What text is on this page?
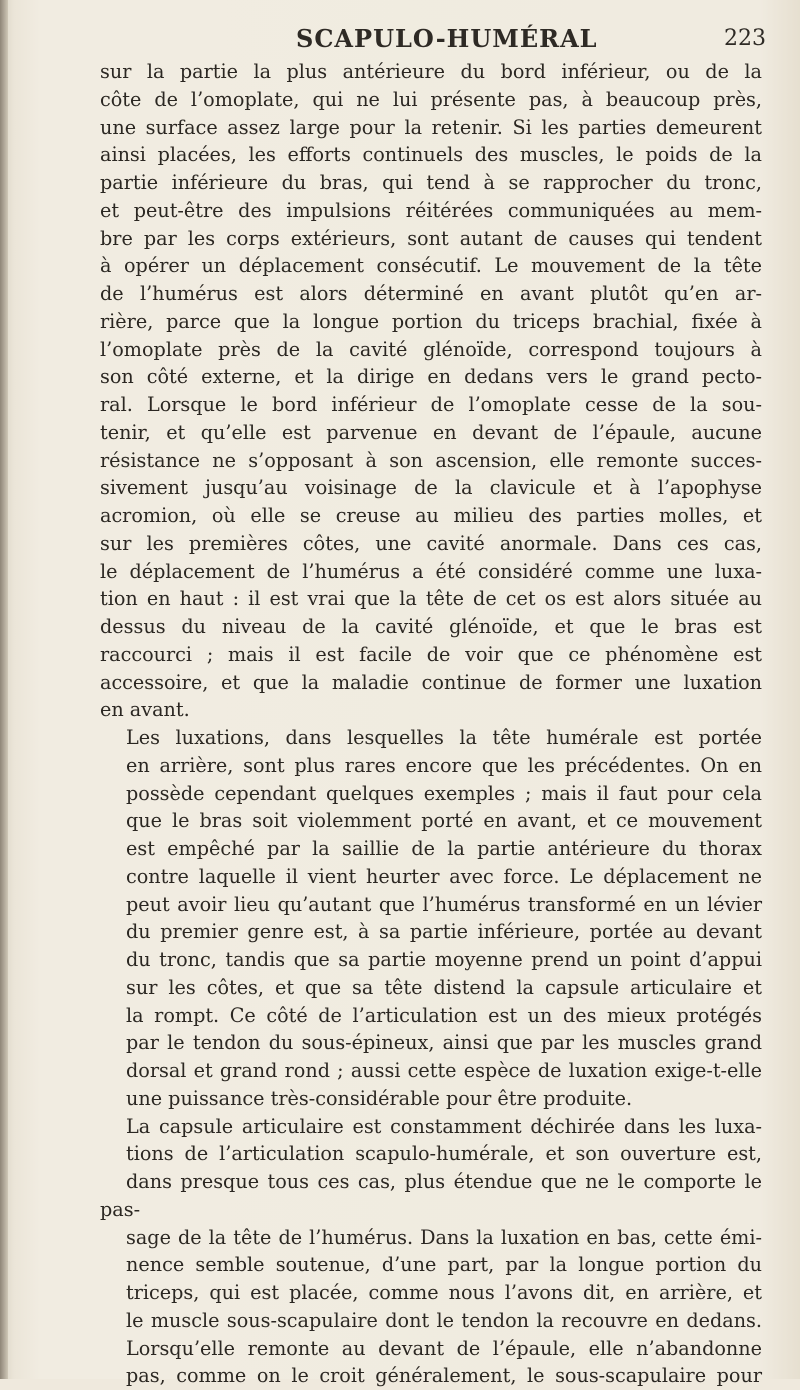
SCAPULO-HUMÉRAL	223
sur la partie la plus antérieure du bord inférieur, ou de la
côte de l’omoplate, qui ne lui présente pas, à beaucoup près,
une surface assez large pour la retenir. Si les parties demeurent
ainsi placées, les efforts continuels des muscles, le poids de la
partie inférieure du bras, qui tend à se rapprocher du tronc,
et peut-être des impulsions réitérées communiquées au mem-
bre par les corps extérieurs, sont autant de causes qui tendent
à opérer un déplacement consécutif. Le mouvement de la tête
de l’humérus est alors déterminé en avant plutôt qu’en ar-
rière, parce que la longue portion du triceps brachial, fixée à
l’omoplate près de la cavité glénoïde, correspond toujours à
son côté externe, et la dirige en dedans vers le grand pecto-
ral. Lorsque le bord inférieur de l’omoplate cesse de la sou-
tenir, et qu’elle est parvenue en devant de l’épaule, aucune
résistance ne s’opposant à son ascension, elle remonte succes-
sivement jusqu’au voisinage de la clavicule et à l’apophyse
acromion, où elle se creuse au milieu des parties molles, et
sur les premières côtes, une cavité anormale. Dans ces cas,
le déplacement de l’humérus a été considéré comme une luxa-
tion en haut : il est vrai que la tête de cet os est alors située au
dessus du niveau de la cavité glénoïde, et que le bras est
raccourci ; mais il est facile de voir que ce phénomène est
accessoire, et que la maladie continue de former une luxation
en avant.
Les luxations, dans lesquelles la tête humérale est portée
en arrière, sont plus rares encore que les précédentes. On en
possède cependant quelques exemples ; mais il faut pour cela
que le bras soit violemment porté en avant, et ce mouvement
est empêché par la saillie de la partie antérieure du thorax
contre laquelle il vient heurter avec force. Le déplacement ne
peut avoir lieu qu’autant que l’humérus transformé en un lévier
du premier genre est, à sa partie inférieure, portée au devant
du tronc, tandis que sa partie moyenne prend un point d’appui
sur les côtes, et que sa tête distend la capsule articulaire et
la rompt. Ce côté de l’articulation est un des mieux protégés
par le tendon du sous-épineux, ainsi que par les muscles grand
dorsal et grand rond ; aussi cette espèce de luxation exige-t-elle
une puissance très-considérable pour être produite.
La capsule articulaire est constamment déchirée dans les luxa-
tions de l’articulation scapulo-humérale, et son ouverture est,
dans presque tous ces cas, plus étendue que ne le comporte le pas-
sage de la tête de l’humérus. Dans la luxation en bas, cette émi-
nence semble soutenue, d’une part, par la longue portion du
triceps, qui est placée, comme nous l’avons dit, en arrière, et
le muscle sous-scapulaire dont le tendon la recouvre en dedans.
Lorsqu’elle remonte au devant de l’épaule, elle n’abandonne
pas, comme on le croit généralement, le sous-scapulaire pour
